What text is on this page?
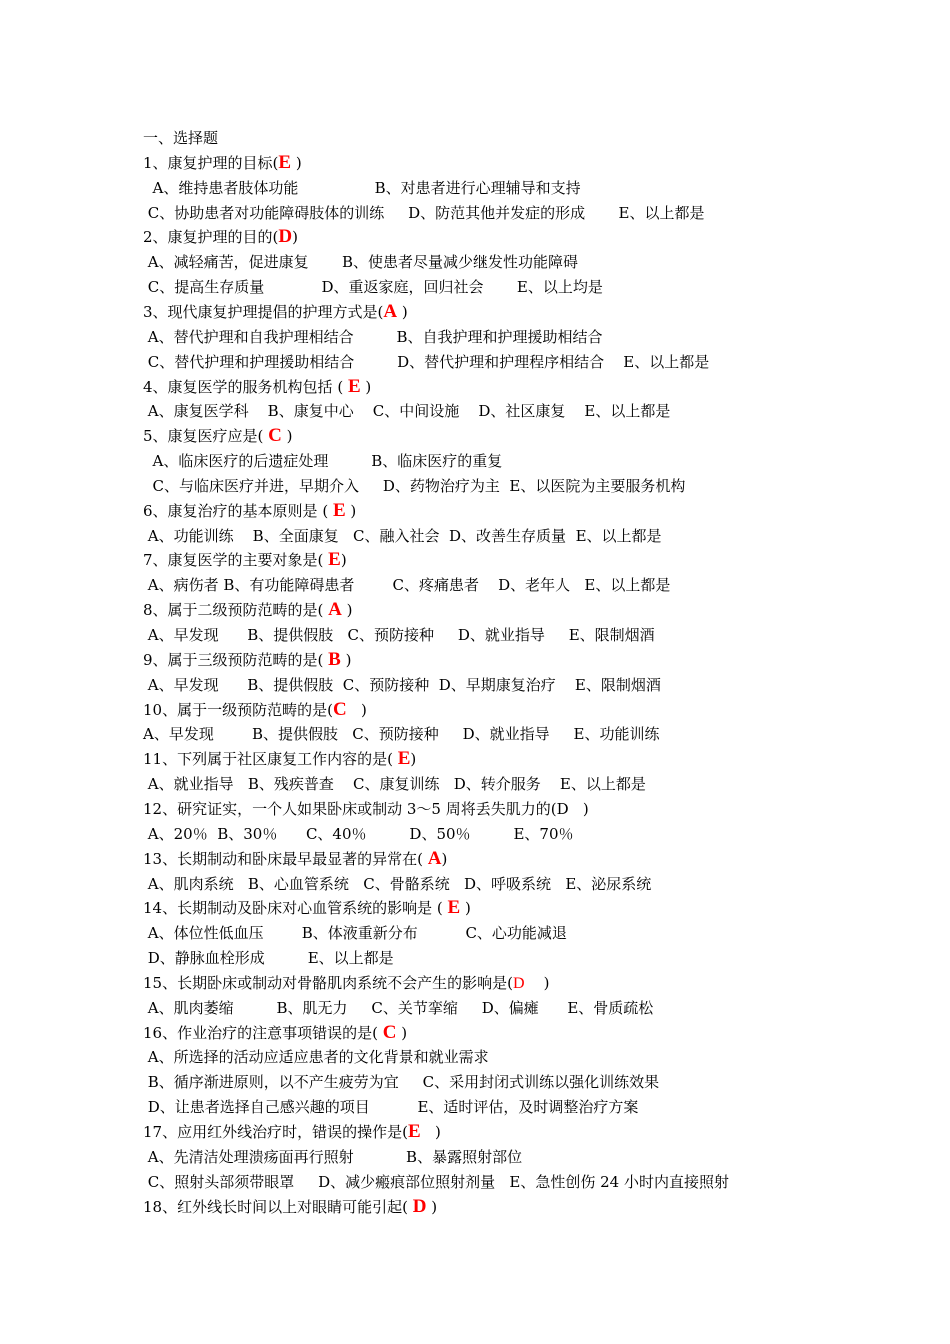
一、选择题
1、康复护理的目标(E )
A、维持患者肢体功能                B、对患者进行心理辅导和支持
C、协助患者对功能障碍肢体的训练     D、防范其他并发症的形成       E、以上都是
2、康复护理的目的(D)
A、减轻痛苦，促进康复       B、使患者尽量减少继发性功能障碍
C、提高生存质量            D、重返家庭，回归社会       E、以上均是
3、现代康复护理提倡的护理方式是(A )
A、替代护理和自我护理相结合         B、自我护理和护理援助相结合
C、替代护理和护理援助相结合         D、替代护理和护理程序相结合    E、以上都是
4、康复医学的服务机构包括 ( E )
A、康复医学科    B、康复中心    C、中间设施    D、社区康复    E、以上都是
5、康复医疗应是( C )
A、临床医疗的后遗症处理         B、临床医疗的重复
C、与临床医疗并进，早期介入     D、药物治疗为主  E、以医院为主要服务机构
6、康复治疗的基本原则是 ( E )
A、功能训练    B、全面康复   C、融入社会  D、改善生存质量  E、以上都是
7、康复医学的主要对象是( E)
A、病伤者 B、有功能障碍患者        C、疼痛患者    D、老年人   E、以上都是
8、属于二级预防范畴的是( A )
A、早发现      B、提供假肢   C、预防接种     D、就业指导     E、限制烟酒
9、属于三级预防范畴的是( B )
A、早发现      B、提供假肢  C、预防接种  D、早期康复治疗    E、限制烟酒
10、属于一级预防范畴的是(C   )
A、早发现        B、提供假肢   C、预防接种     D、就业指导     E、功能训练
11、下列属于社区康复工作内容的是( E)
A、就业指导   B、残疾普查    C、康复训练   D、转介服务    E、以上都是
12、研究证实，一个人如果卧床或制动 3～5 周将丢失肌力的(D   )
A、20％  B、30％      C、40％         D、50％         E、70％
13、长期制动和卧床最早最显著的异常在( A)
A、肌肉系统   B、心血管系统   C、骨骼系统   D、呼吸系统   E、泌尿系统
14、长期制动及卧床对心血管系统的影响是 ( E )
A、体位性低血压        B、体液重新分布          C、心功能减退
D、静脉血栓形成         E、以上都是
15、长期卧床或制动对骨骼肌肉系统不会产生的影响是(D    )
A、肌肉萎缩         B、肌无力     C、关节挛缩     D、偏瘫      E、骨质疏松
16、作业治疗的注意事项错误的是( C )
A、所选择的活动应适应患者的文化背景和就业需求
B、循序渐进原则，以不产生疲劳为宜     C、采用封闭式训练以强化训练效果
D、让患者选择自己感兴趣的项目          E、适时评估，及时调整治疗方案
17、应用红外线治疗时，错误的操作是(E   )
A、先清洁处理溃疡面再行照射           B、暴露照射部位
C、照射头部须带眼罩     D、减少瘢痕部位照射剂量   E、急性创伤 24 小时内直接照射
18、红外线长时间以上对眼睛可能引起( D )
